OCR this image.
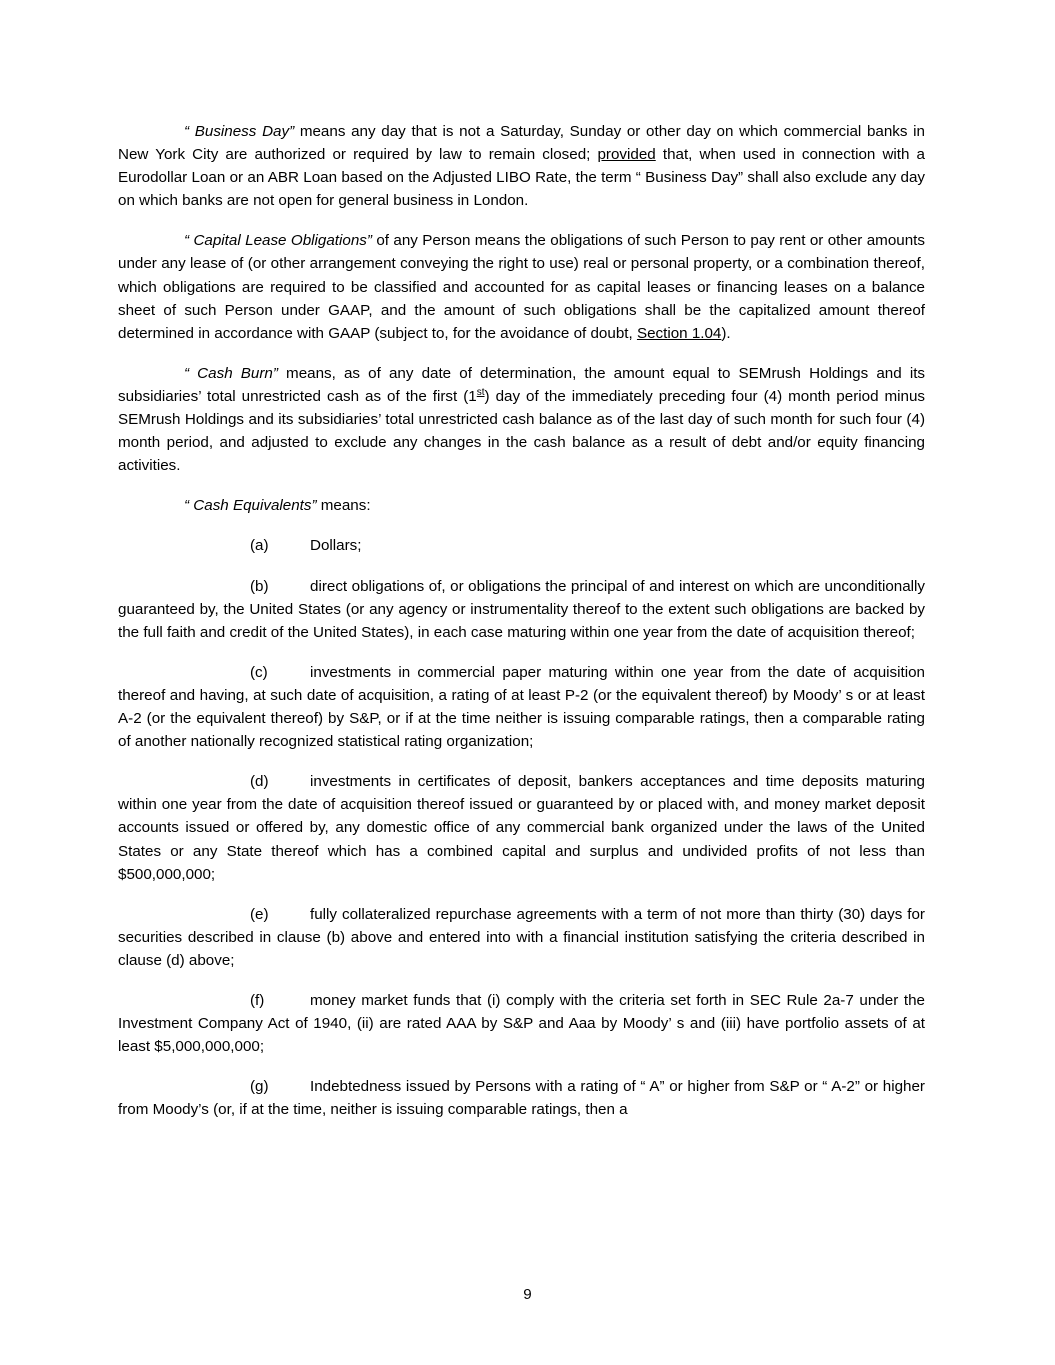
“ Business Day” means any day that is not a Saturday, Sunday or other day on which commercial banks in New York City are authorized or required by law to remain closed; provided that, when used in connection with a Eurodollar Loan or an ABR Loan based on the Adjusted LIBO Rate, the term “ Business Day” shall also exclude any day on which banks are not open for general business in London.

“ Capital Lease Obligations” of any Person means the obligations of such Person to pay rent or other amounts under any lease of (or other arrangement conveying the right to use) real or personal property, or a combination thereof, which obligations are required to be classified and accounted for as capital leases or financing leases on a balance sheet of such Person under GAAP, and the amount of such obligations shall be the capitalized amount thereof determined in accordance with GAAP (subject to, for the avoidance of doubt, Section 1.04).

“ Cash Burn” means, as of any date of determination, the amount equal to SEMrush Holdings and its subsidiaries’ total unrestricted cash as of the first (1st) day of the immediately preceding four (4) month period minus SEMrush Holdings and its subsidiaries’ total unrestricted cash balance as of the last day of such month for such four (4) month period, and adjusted to exclude any changes in the cash balance as a result of debt and/or equity financing activities.

“ Cash Equivalents” means:

(a)	Dollars;

(b)	direct obligations of, or obligations the principal of and interest on which are unconditionally guaranteed by, the United States (or any agency or instrumentality thereof to the extent such obligations are backed by the full faith and credit of the United States), in each case maturing within one year from the date of acquisition thereof;

(c)	investments in commercial paper maturing within one year from the date of acquisition thereof and having, at such date of acquisition, a rating of at least P-2 (or the equivalent thereof) by Moody’ s or at least A-2 (or the equivalent thereof) by S&P, or if at the time neither is issuing comparable ratings, then a comparable rating of another nationally recognized statistical rating organization;

(d)	investments in certificates of deposit, bankers acceptances and time deposits maturing within one year from the date of acquisition thereof issued or guaranteed by or placed with, and money market deposit accounts issued or offered by, any domestic office of any commercial bank organized under the laws of the United States or any State thereof which has a combined capital and surplus and undivided profits of not less than $500,000,000;

(e)	fully collateralized repurchase agreements with a term of not more than thirty (30) days for securities described in clause (b) above and entered into with a financial institution satisfying the criteria described in clause (d) above;

(f)	money market funds that (i) comply with the criteria set forth in SEC Rule 2a-7 under the Investment Company Act of 1940, (ii) are rated AAA by S&P and Aaa by Moody’ s and (iii) have portfolio assets of at least $5,000,000,000;

(g)	Indebtedness issued by Persons with a rating of “ A” or higher from S&P or “ A-2” or higher from Moody’s (or, if at the time, neither is issuing comparable ratings, then a

9
